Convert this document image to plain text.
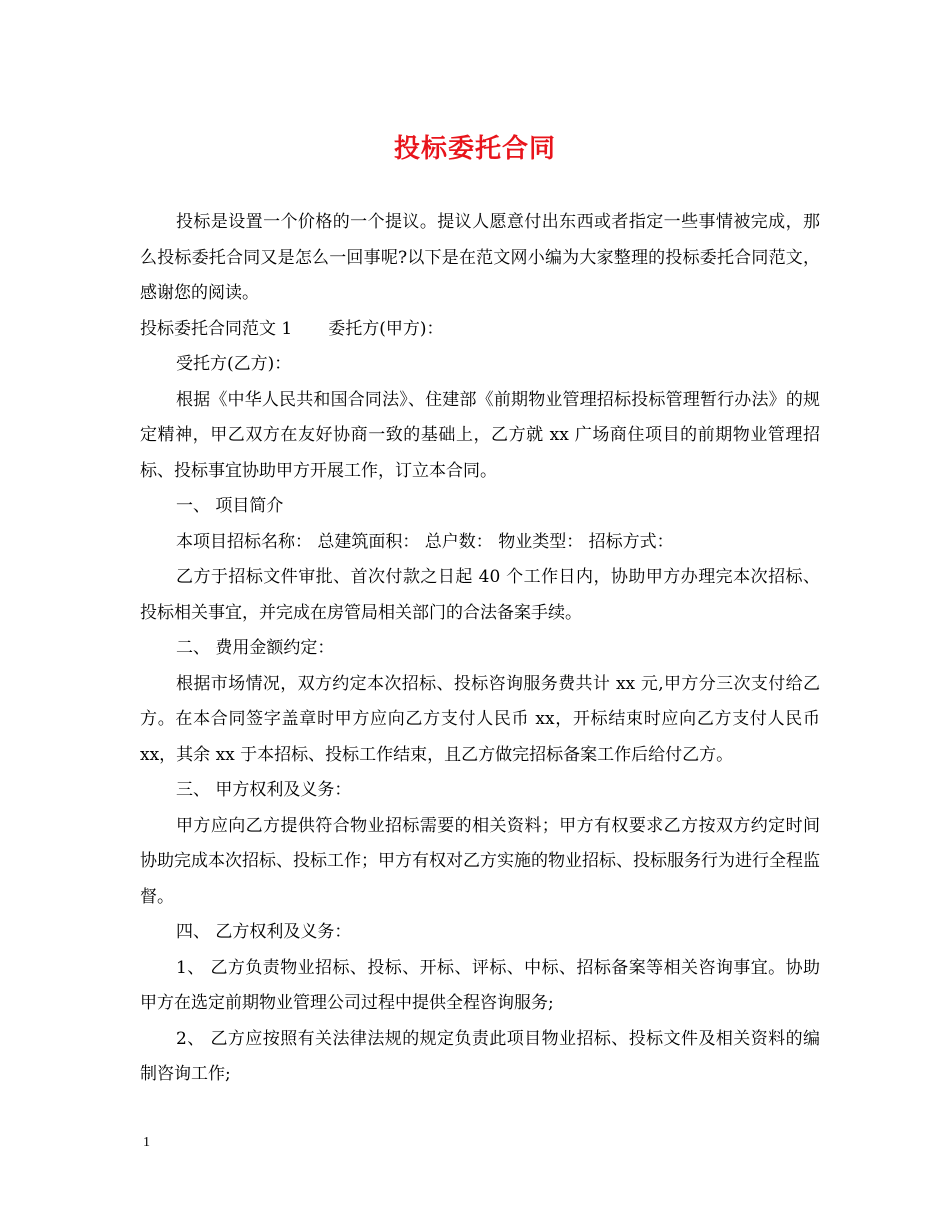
投标委托合同

投标是设置一个价格的一个提议。提议人愿意付出东西或者指定一些事情被完成，那么投标委托合同又是怎么一回事呢?以下是在范文网小编为大家整理的投标委托合同范文，感谢您的阅读。

投标委托合同范文 1 委托方(甲方)：

受托方(乙方)：

根据《中华人民共和国合同法》、住建部《前期物业管理招标投标管理暂行办法》的规定精神，甲乙双方在友好协商一致的基础上，乙方就 xx 广场商住项目的前期物业管理招标、投标事宜协助甲方开展工作，订立本合同。

一、 项目简介

本项目招标名称： 总建筑面积： 总户数： 物业类型： 招标方式：

乙方于招标文件审批、首次付款之日起 40 个工作日内，协助甲方办理完本次招标、投标相关事宜，并完成在房管局相关部门的合法备案手续。

二、 费用金额约定：

根据市场情况，双方约定本次招标、投标咨询服务费共计 xx 元,甲方分三次支付给乙方。在本合同签字盖章时甲方应向乙方支付人民币 xx，开标结束时应向乙方支付人民币 xx，其余 xx 于本招标、投标工作结束，且乙方做完招标备案工作后给付乙方。

三、 甲方权利及义务：

甲方应向乙方提供符合物业招标需要的相关资料；甲方有权要求乙方按双方约定时间协助完成本次招标、投标工作；甲方有权对乙方实施的物业招标、投标服务行为进行全程监督。

四、 乙方权利及义务：

1、 乙方负责物业招标、投标、开标、评标、中标、招标备案等相关咨询事宜。协助甲方在选定前期物业管理公司过程中提供全程咨询服务;

2、 乙方应按照有关法律法规的规定负责此项目物业招标、投标文件及相关资料的编制咨询工作;

1
